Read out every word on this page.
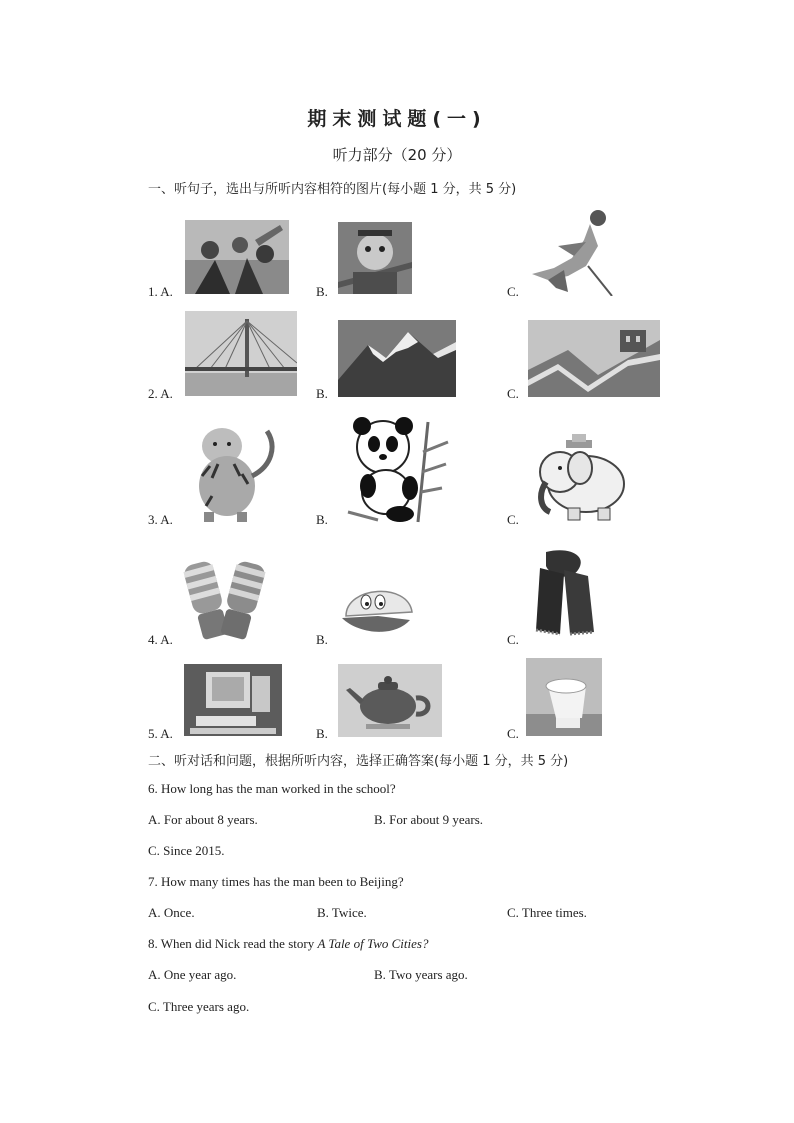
期末测试题(一)
听力部分（20 分）
一、听句子，选出与所听内容相符的图片(每小题 1 分，共 5 分)
1. A.	B.	C.
2. A.	B.	C.
3. A.	B.	C.
4. A.	B.	C.
5. A.	B.	C.
二、听对话和问题，根据所听内容，选择正确答案(每小题 1 分，共 5 分)
6. How long has the man worked in the school?
A. For about 8 years.	B. For about 9 years.
C. Since 2015.
7. How many times has the man been to Beijing?
A. Once.	B. Twice.	C. Three times.
8. When did Nick read the story A Tale of Two Cities?
A. One year ago.	B. Two years ago.
C. Three years ago.
